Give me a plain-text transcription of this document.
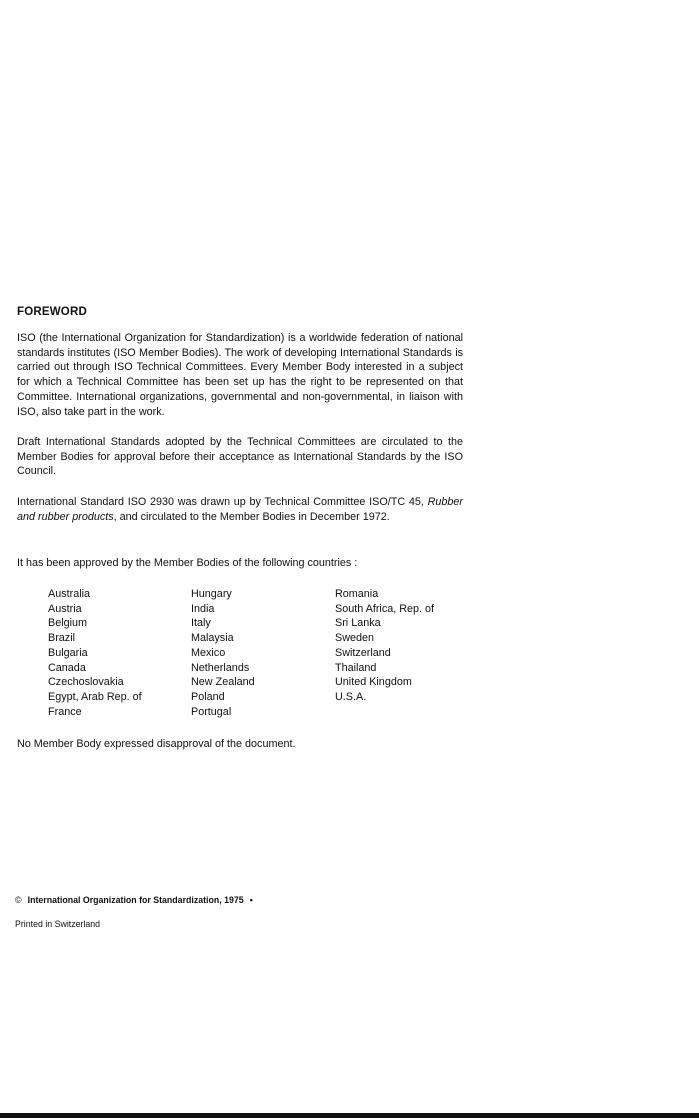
FOREWORD

ISO (the International Organization for Standardization) is a worldwide federation of national standards institutes (ISO Member Bodies). The work of developing International Standards is carried out through ISO Technical Committees. Every Member Body interested in a subject for which a Technical Committee has been set up has the right to be represented on that Committee. International organizations, governmental and non-governmental, in liaison with ISO, also take part in the work.

Draft International Standards adopted by the Technical Committees are circulated to the Member Bodies for approval before their acceptance as International Standards by the ISO Council.

International Standard ISO 2930 was drawn up by Technical Committee ISO/TC 45, Rubber and rubber products, and circulated to the Member Bodies in December 1972.

It has been approved by the Member Bodies of the following countries :

Australia
Austria
Belgium
Brazil
Bulgaria
Canada
Czechoslovakia
Egypt, Arab Rep. of
France
Hungary
India
Italy
Malaysia
Mexico
Netherlands
New Zealand
Poland
Portugal
Romania
South Africa, Rep. of
Sri Lanka
Sweden
Switzerland
Thailand
United Kingdom
U.S.A.

No Member Body expressed disapproval of the document.

© International Organization for Standardization, 1975 •
Printed in Switzerland
